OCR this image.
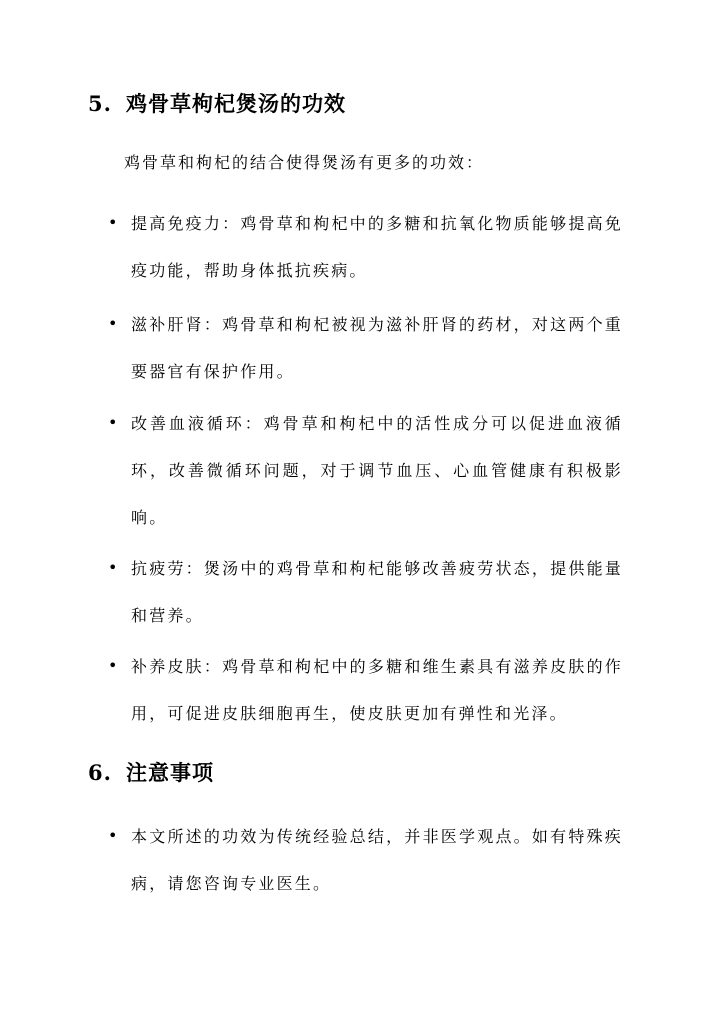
5. 鸡骨草枸杞煲汤的功效

鸡骨草和枸杞的结合使得煲汤有更多的功效：

• 提高免疫力：鸡骨草和枸杞中的多糖和抗氧化物质能够提高免疫功能，帮助身体抵抗疾病。
• 滋补肝肾：鸡骨草和枸杞被视为滋补肝肾的药材，对这两个重要器官有保护作用。
• 改善血液循环：鸡骨草和枸杞中的活性成分可以促进血液循环，改善微循环问题，对于调节血压、心血管健康有积极影响。
• 抗疲劳：煲汤中的鸡骨草和枸杞能够改善疲劳状态，提供能量和营养。
• 补养皮肤：鸡骨草和枸杞中的多糖和维生素具有滋养皮肤的作用，可促进皮肤细胞再生，使皮肤更加有弹性和光泽。
6. 注意事项
• 本文所述的功效为传统经验总结，并非医学观点。如有特殊疾病，请您咨询专业医生。
